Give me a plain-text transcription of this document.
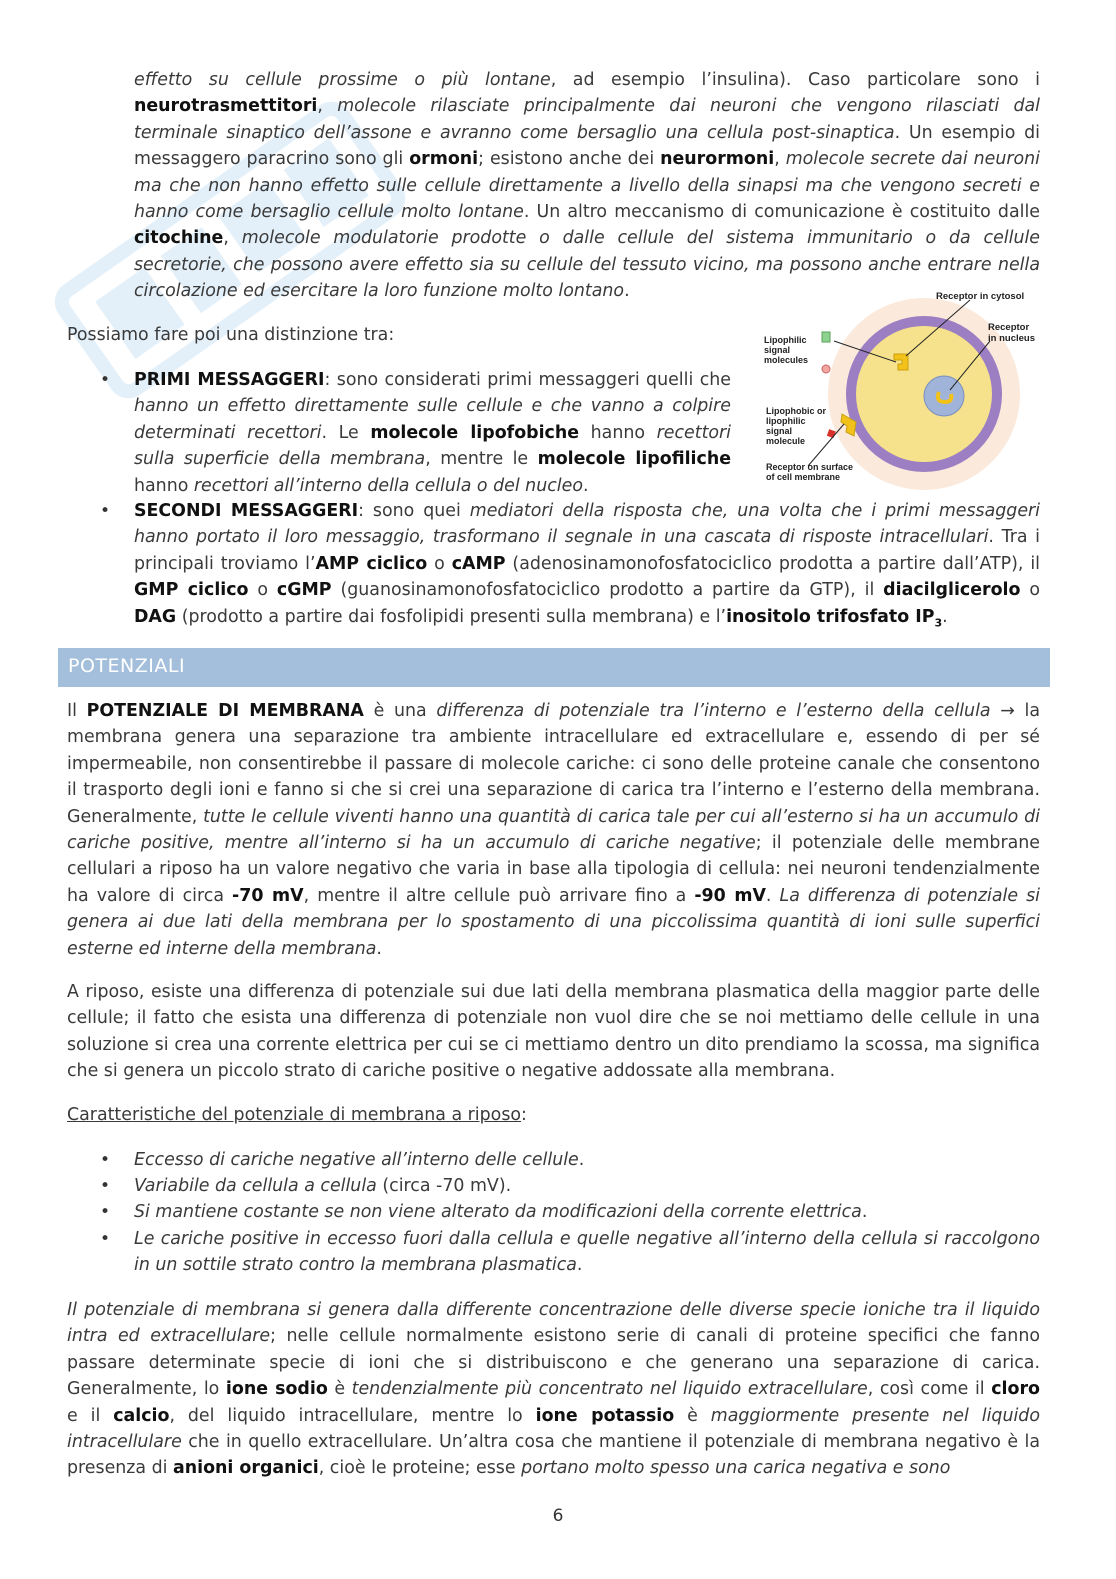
effetto su cellule prossime o più lontane, ad esempio l’insulina). Caso particolare sono i neurotrasmettitori, molecole rilasciate principalmente dai neuroni che vengono rilasciati dal terminale sinaptico dell’assone e avranno come bersaglio una cellula post-sinaptica. Un esempio di messaggero paracrino sono gli ormoni; esistono anche dei neurormoni, molecole secrete dai neuroni ma che non hanno effetto sulle cellule direttamente a livello della sinapsi ma che vengono secreti e hanno come bersaglio cellule molto lontane. Un altro meccanismo di comunicazione è costituito dalle citochine, molecole modulatorie prodotte o dalle cellule del sistema immunitario o da cellule secretorie, che possono avere effetto sia su cellule del tessuto vicino, ma possono anche entrare nella circolazione ed esercitare la loro funzione molto lontano.

Possiamo fare poi una distinzione tra:

• PRIMI MESSAGGERI: sono considerati primi messaggeri quelli che hanno un effetto direttamente sulle cellule e che vanno a colpire determinati recettori. Le molecole lipofobiche hanno recettori sulla superficie della membrana, mentre le molecole lipofiliche hanno recettori all’interno della cellula o del nucleo.

Receptor in cytosol
Receptor
in nucleus
Lipophilic
signal
molecules
Lipophobic or
lipophilic
signal
molecule
Receptor on surface
of cell membrane
• SECONDI MESSAGGERI: sono quei mediatori della risposta che, una volta che i primi messaggeri hanno portato il loro messaggio, trasformano il segnale in una cascata di risposte intracellulari. Tra i principali troviamo l’AMP ciclico o cAMP (adenosinamonofosfatociclico prodotta a partire dall’ATP), il GMP ciclico o cGMP (guanosinamonofosfatociclico prodotto a partire da GTP), il diacilglicerolo o DAG (prodotto a partire dai fosfolipidi presenti sulla membrana) e l’inositolo trifosfato $IP_3$.

POTENZIALI

Il POTENZIALE DI MEMBRANA è una differenza di potenziale tra l’interno e l’esterno della cellula → la membrana genera una separazione tra ambiente intracellulare ed extracellulare e, essendo di per sé impermeabile, non consentirebbe il passare di molecole cariche: ci sono delle proteine canale che consentono il trasporto degli ioni e fanno si che si crei una separazione di carica tra l’interno e l’esterno della membrana. Generalmente, tutte le cellule viventi hanno una quantità di carica tale per cui all’esterno si ha un accumulo di cariche positive, mentre all’interno si ha un accumulo di cariche negative; il potenziale delle membrane cellulari a riposo ha un valore negativo che varia in base alla tipologia di cellula: nei neuroni tendenzialmente ha valore di circa -70 mV, mentre il altre cellule può arrivare fino a -90 mV. La differenza di potenziale si genera ai due lati della membrana per lo spostamento di una piccolissima quantità di ioni sulle superfici esterne ed interne della membrana.

A riposo, esiste una differenza di potenziale sui due lati della membrana plasmatica della maggior parte delle cellule; il fatto che esista una differenza di potenziale non vuol dire che se noi mettiamo delle cellule in una soluzione si crea una corrente elettrica per cui se ci mettiamo dentro un dito prendiamo la scossa, ma significa che si genera un piccolo strato di cariche positive o negative addossate alla membrana.

Caratteristiche del potenziale di membrana a riposo:

• Eccesso di cariche negative all’interno delle cellule.

• Variabile da cellula a cellula (circa -70 mV).

• Si mantiene costante se non viene alterato da modificazioni della corrente elettrica.

• Le cariche positive in eccesso fuori dalla cellula e quelle negative all’interno della cellula si raccolgono in un sottile strato contro la membrana plasmatica.

Il potenziale di membrana si genera dalla differente concentrazione delle diverse specie ioniche tra il liquido intra ed extracellulare; nelle cellule normalmente esistono serie di canali di proteine specifici che fanno passare determinate specie di ioni che si distribuiscono e che generano una separazione di carica. Generalmente, lo ione sodio è tendenzialmente più concentrato nel liquido extracellulare, così come il cloro e il calcio, del liquido intracellulare, mentre lo ione potassio è maggiormente presente nel liquido intracellulare che in quello extracellulare. Un’altra cosa che mantiene il potenziale di membrana negativo è la presenza di anioni organici, cioè le proteine; esse portano molto spesso una carica negativa e sono

6
